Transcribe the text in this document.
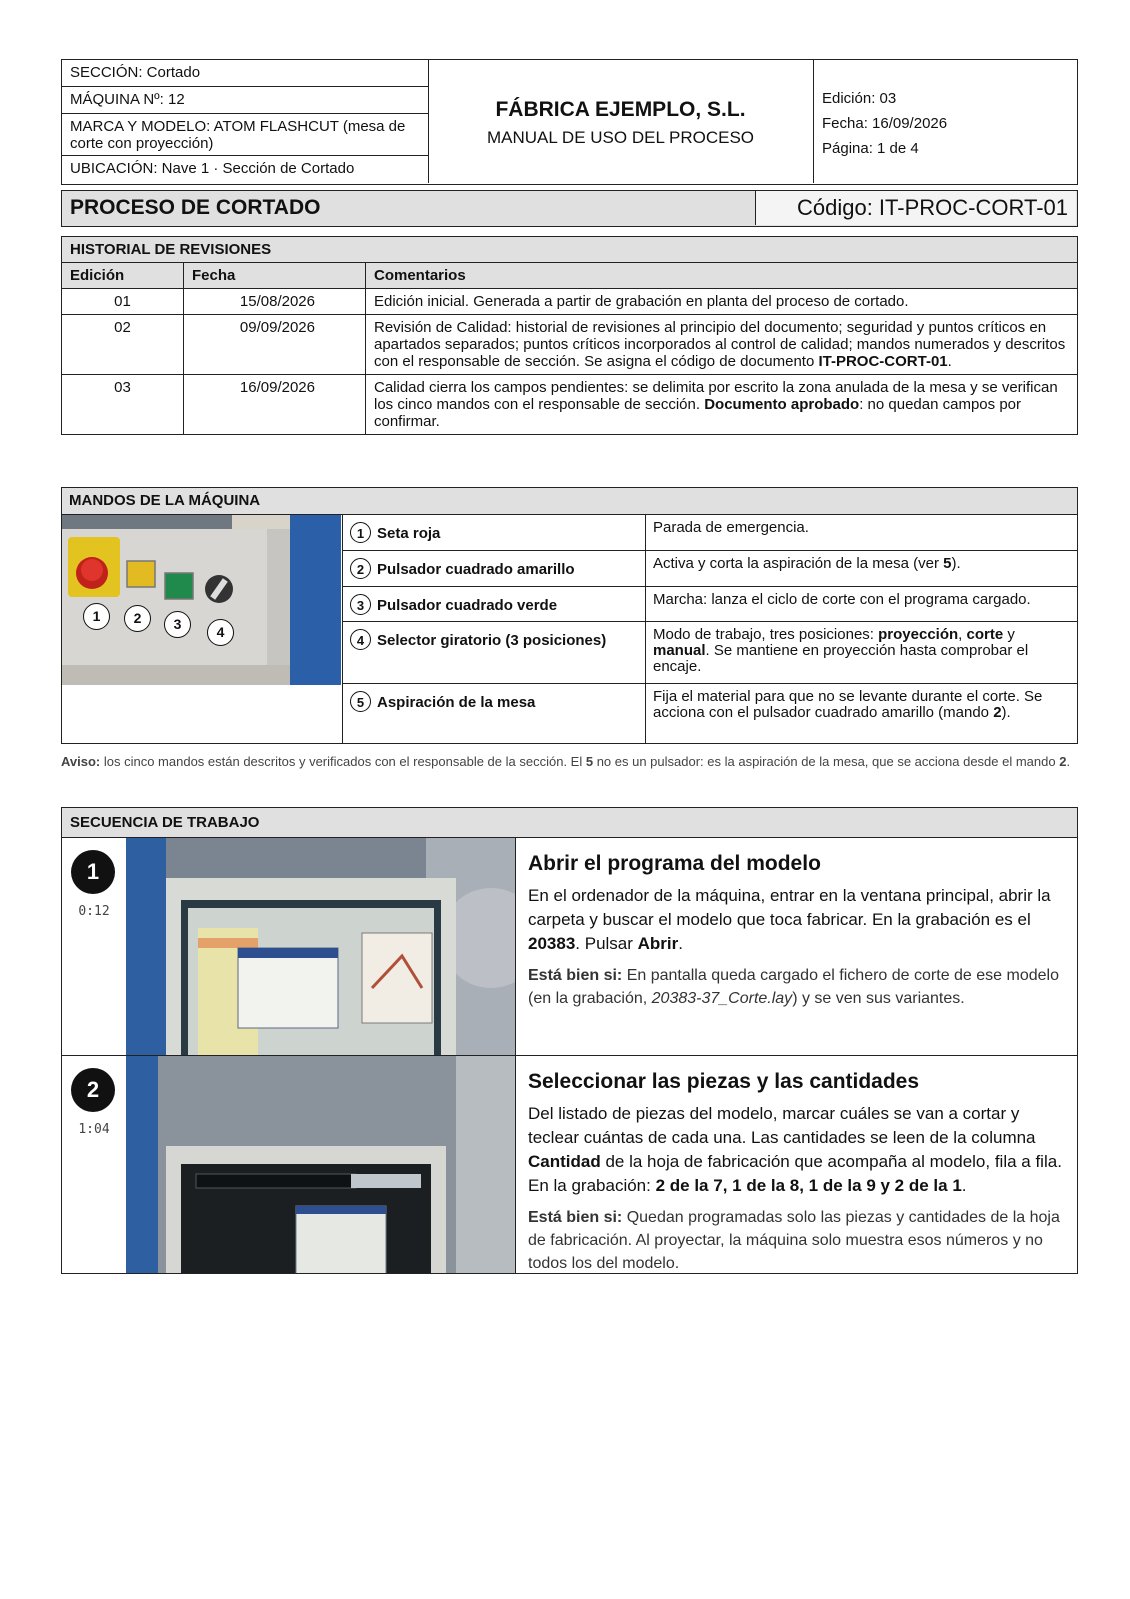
SECCIÓN: Cortado
MÁQUINA Nº: 12
MARCA Y MODELO: ATOM FLASHCUT (mesa de corte con proyección)
UBICACIÓN: Nave 1 · Sección de Cortado
FÁBRICA EJEMPLO, S.L.
MANUAL DE USO DEL PROCESO
Edición: 03
Fecha: 16/09/2026
Página: 1 de 4
PROCESO DE CORTADO	Código: IT-PROC-CORT-01
HISTORIAL DE REVISIONES		
Edición	Fecha	Comentarios
01	15/08/2026	Edición inicial. Generada a partir de grabación en planta del proceso de cortado.
02	09/09/2026	Revisión de Calidad: historial de revisiones al principio del documento; seguridad y puntos críticos en apartados separados; puntos críticos incorporados al control de calidad; mandos numerados y descritos con el responsable de sección. Se asigna el código de documento IT-PROC-CORT-01.
03	16/09/2026	Calidad cierra los campos pendientes: se delimita por escrito la zona anulada de la mesa y se verifican los cinco mandos con el responsable de sección. Documento aprobado: no quedan campos por confirmar.
MANDOS DE LA MÁQUINA		

1 2 3 4	1 Seta roja	Parada de emergencia.
	2 Pulsador cuadrado amarillo	Activa y corta la aspiración de la mesa (ver 5).
	3 Pulsador cuadrado verde	Marcha: lanza el ciclo de corte con el programa cargado.
	4 Selector giratorio (3 posiciones)	Modo de trabajo, tres posiciones: proyección, corte y manual. Se mantiene en proyección hasta comprobar el encaje.
	5 Aspiración de la mesa	Fija el material para que no se levante durante el corte. Se acciona con el pulsador cuadrado amarillo (mando 2).
Aviso: los cinco mandos están descritos y verificados con el responsable de la sección. El 5 no es un pulsador: es la aspiración de la mesa, que se acciona desde el mando 2.
SECUENCIA DE TRABAJO
1
0:12
Abrir el programa del modelo

En el ordenador de la máquina, entrar en la ventana principal, abrir la carpeta y buscar el modelo que toca fabricar. En la grabación es el 20383. Pulsar Abrir.

Está bien si: En pantalla queda cargado el fichero de corte de ese modelo (en la grabación, 20383-37_Corte.lay) y se ven sus variantes.

2
1:04
Seleccionar las piezas y las cantidades

Del listado de piezas del modelo, marcar cuáles se van a cortar y teclear cuántas de cada una. Las cantidades se leen de la columna Cantidad de la hoja de fabricación que acompaña al modelo, fila a fila. En la grabación: 2 de la 7, 1 de la 8, 1 de la 9 y 2 de la 1.

Está bien si: Quedan programadas solo las piezas y cantidades de la hoja de fabricación. Al proyectar, la máquina solo muestra esos números y no todos los del modelo.
